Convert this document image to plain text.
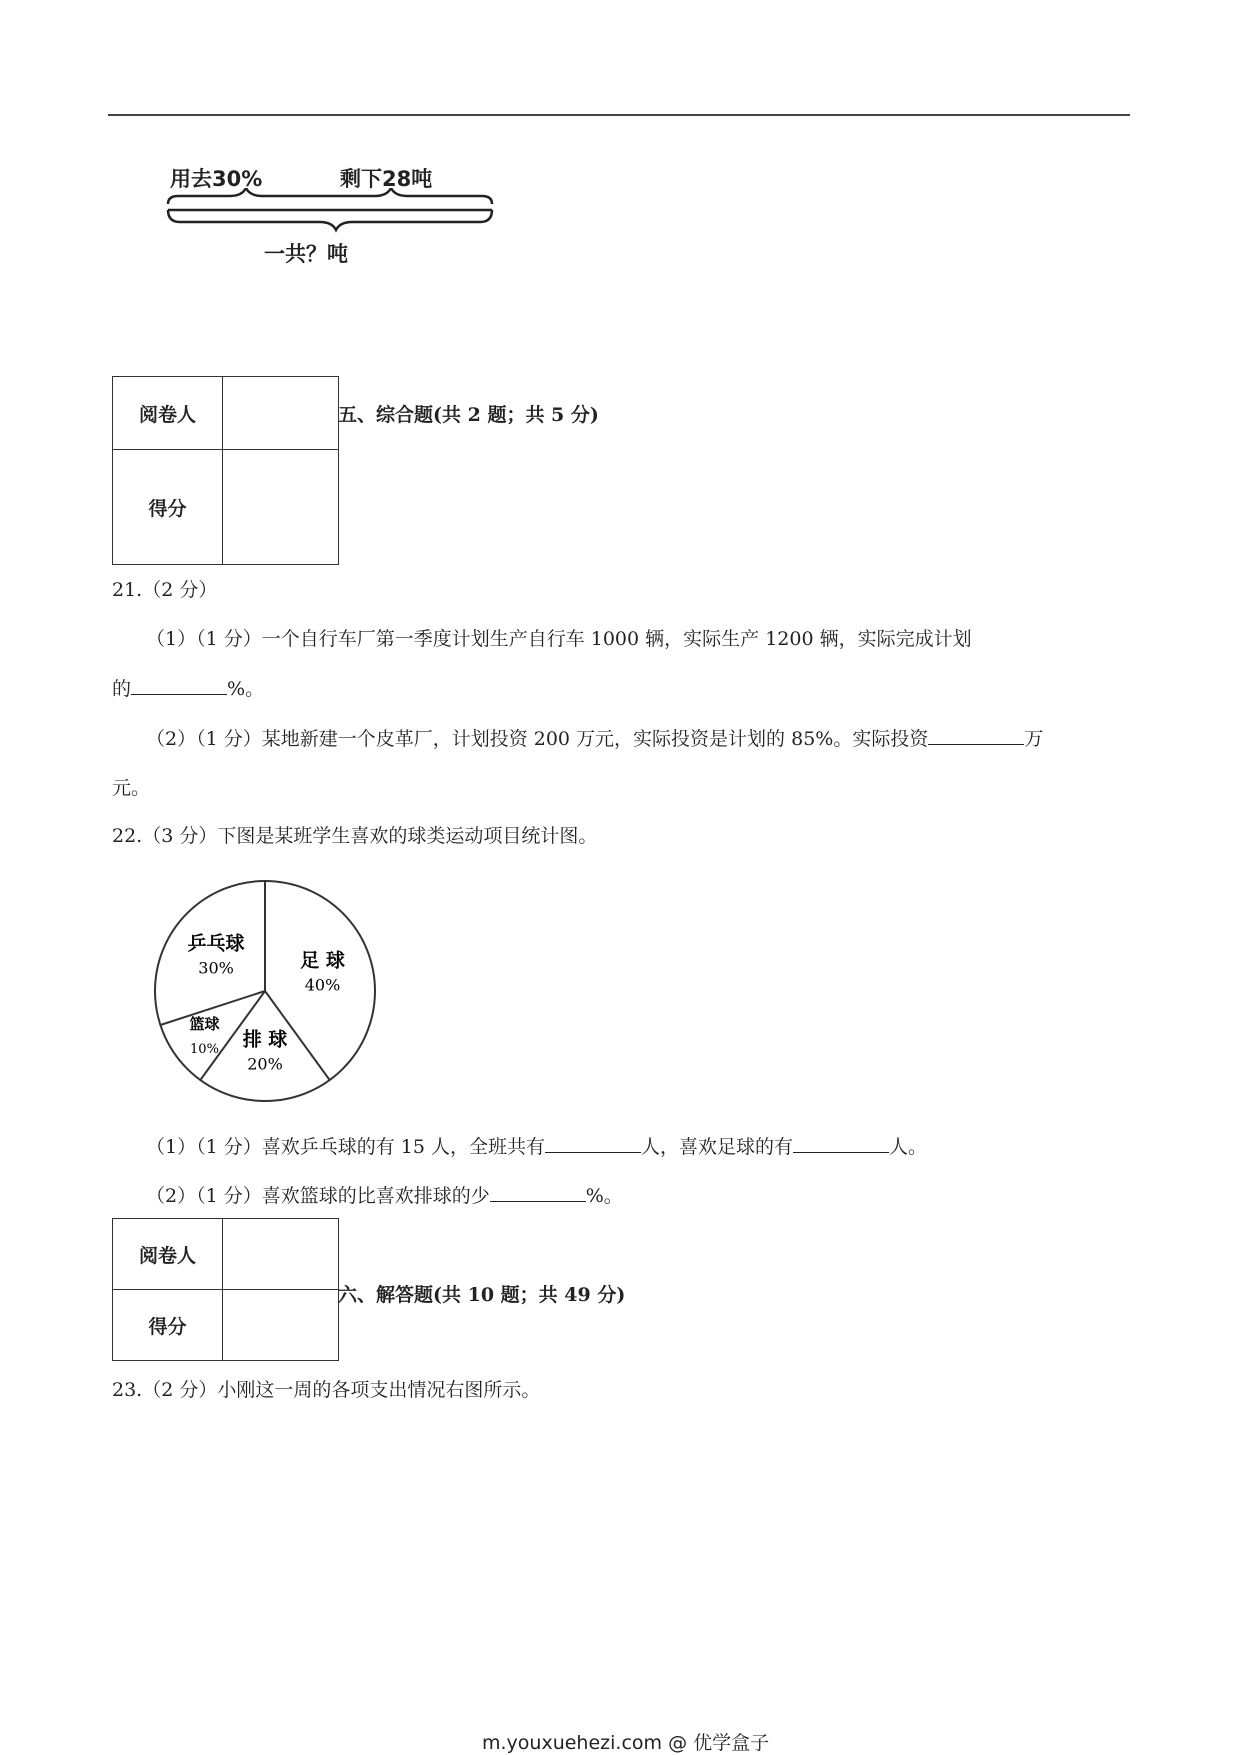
用去30%	剩下28吨
一共？吨
阅卷人	
得分	
五、综合题(共 2 题；共 5 分)
21.（2 分）
（1）（1 分）一个自行车厂第一季度计划生产自行车 1000 辆，实际生产 1200 辆，实际完成计划
的	%。
（2）（1 分）某地新建一个皮革厂，计划投资 200 万元，实际投资是计划的 85%。实际投资	万
元。
22.（3 分）下图是某班学生喜欢的球类运动项目统计图。
足 球
40%
排 球
20%
篮球
10%
乒乓球
30%
（1）（1 分）喜欢乒乓球的有 15 人，全班共有	人，喜欢足球的有	人。
（2）（1 分）喜欢篮球的比喜欢排球的少	%。
阅卷人	
得分	
六、解答题(共 10 题；共 49 分)
23.（2 分）小刚这一周的各项支出情况右图所示。
m.youxuehezi.com @ 优学盒子
